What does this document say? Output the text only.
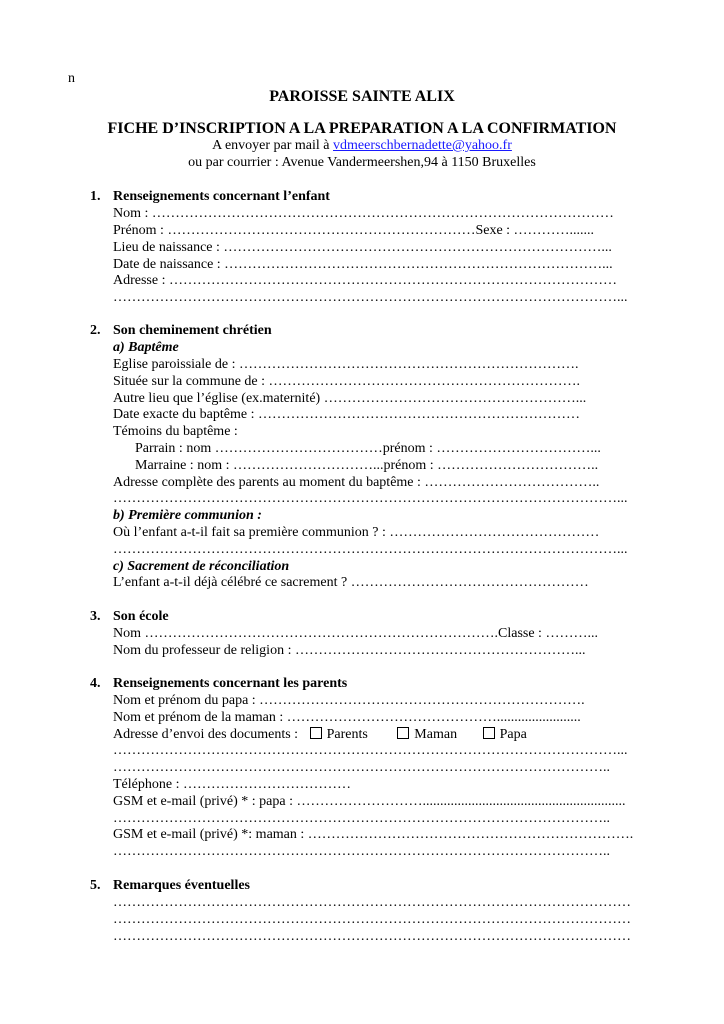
n
PAROISSE SAINTE ALIX
FICHE D’INSCRIPTION A LA PREPARATION A LA CONFIRMATION
A envoyer par mail à vdmeerschbernadette@yahoo.fr
ou par courrier : Avenue Vandermeershen,94 à 1150 Bruxelles
1. Renseignements concernant l’enfant
Nom : ………………………………………………………………………………………
Prénom : …………………………………………………………Sexe : ………….......
Lieu de naissance : ………………………………………………………………………...
Date de naissance : ………………………………………………………………………...
Adresse : ……………………………………………………………………………………
………………………………………………………………………………………………...
2. Son cheminement chrétien
a) Baptême
Eglise paroissiale de : ……………………………………………………………….
Située sur la commune de : ………………………………………………………….
Autre lieu que l’église (ex.maternité) ………………………………………………...
Date exacte du baptême : ……………………………………………………………
Témoins du baptême :
Parrain : nom ………………………………prénom : ……………………………...
Marraine : nom : …………………………...prénom : ……………………………..
Adresse complète des parents au moment du baptême : ………………………………..
………………………………………………………………………………………………...
b) Première communion :
Où l’enfant a-t-il fait sa première communion ? : ………………………………………
………………………………………………………………………………………………...
c) Sacrement de réconciliation
L’enfant a-t-il déjà célébré ce sacrement ? ……………………………………………
3. Son école
Nom ………………………………………………………………….Classe : ………...
Nom du professeur de religion : ……………………………………………………...
4. Renseignements concernant les parents
Nom et prénom du papa : …………………………………………………………….
Nom et prénom de la maman : ………………………………………........................
Adresse d’envoi des documents : Parents	Maman	Papa
………………………………………………………………………………………………...
……………………………………………………………………………………………..
Téléphone : ………………………………
GSM et e-mail (privé) * : papa : ………………………..........................................................
……………………………………………………………………………………………..
GSM et e-mail (privé) *: maman : …………………………………………………………….
……………………………………………………………………………………………..
5. Remarques éventuelles
…………………………………………………………………………………………………
…………………………………………………………………………………………………
…………………………………………………………………………………………………
